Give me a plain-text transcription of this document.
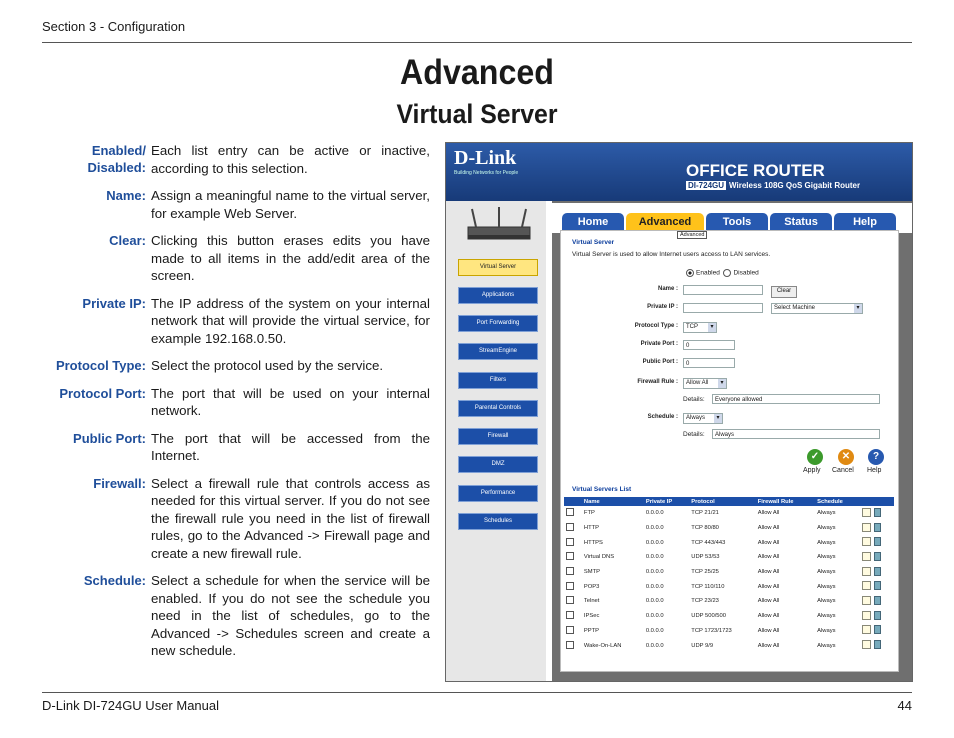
Section 3 - Configuration
Advanced
Virtual Server
Enabled/ Disabled:
Each list entry can be active or inactive, according to this selection.
Name: Assign a meaningful name to the virtual server, for example Web Server.
Clear: Clicking this button erases edits you have made to all items in the add/edit area of the screen.
Private IP: The IP address of the system on your internal network that will provide the virtual service, for example 192.168.0.50.
Protocol Type: Select the protocol used by the service.
Protocol Port: The port that will be used on your internal network.
Public Port: The port that will be accessed from the Internet.
Firewall: Select a firewall rule that controls access as needed for this virtual server. If you do not see the firewall rule you need in the list of firewall rules, go to the Advanced -> Firewall page and create a new firewall rule.
Schedule: Select a schedule for when the service will be enabled. If you do not see the schedule you need in the list of schedules, go to the Advanced -> Schedules screen and create a new schedule.
D-Link
Building Networks for People	OFFICE ROUTER
DI-724GU Wireless 108G QoS Gigabit Router
Virtual Server
Applications
Port Forwarding
StreamEngine
Filters
Parental Controls
Firewall
DMZ
Performance
Schedules
Home	Advanced	Tools	Status	Help
Virtual Server
Virtual Server is used to allow Internet users access to LAN services.
Enabled Disabled
Name :	Clear
Private IP :	Select Machine ▾
Protocol Type :	TCP ▾
Private Port :	0
Public Port :	0
Firewall Rule :	Allow All ▾
Details:	Everyone allowed
Schedule :	Always ▾
Details:	Always
✓	✕	?
Apply Cancel Help
Virtual Servers List
	Name	Private IP	Protocol	Firewall Rule	Schedule	
	FTP	0.0.0.0	TCP 21/21	Allow All	Always	
	HTTP	0.0.0.0	TCP 80/80	Allow All	Always	
	HTTPS	0.0.0.0	TCP 443/443	Allow All	Always	
	Virtual DNS	0.0.0.0	UDP 53/53	Allow All	Always	
	SMTP	0.0.0.0	TCP 25/25	Allow All	Always	
	POP3	0.0.0.0	TCP 110/110	Allow All	Always	
	Telnet	0.0.0.0	TCP 23/23	Allow All	Always	
	IPSec	0.0.0.0	UDP 500/500	Allow All	Always	
	PPTP	0.0.0.0	TCP 1723/1723	Allow All	Always	
	Wake-On-LAN	0.0.0.0	UDP 9/9	Allow All	Always	
Advanced
D-Link DI-724GU User Manual	44
